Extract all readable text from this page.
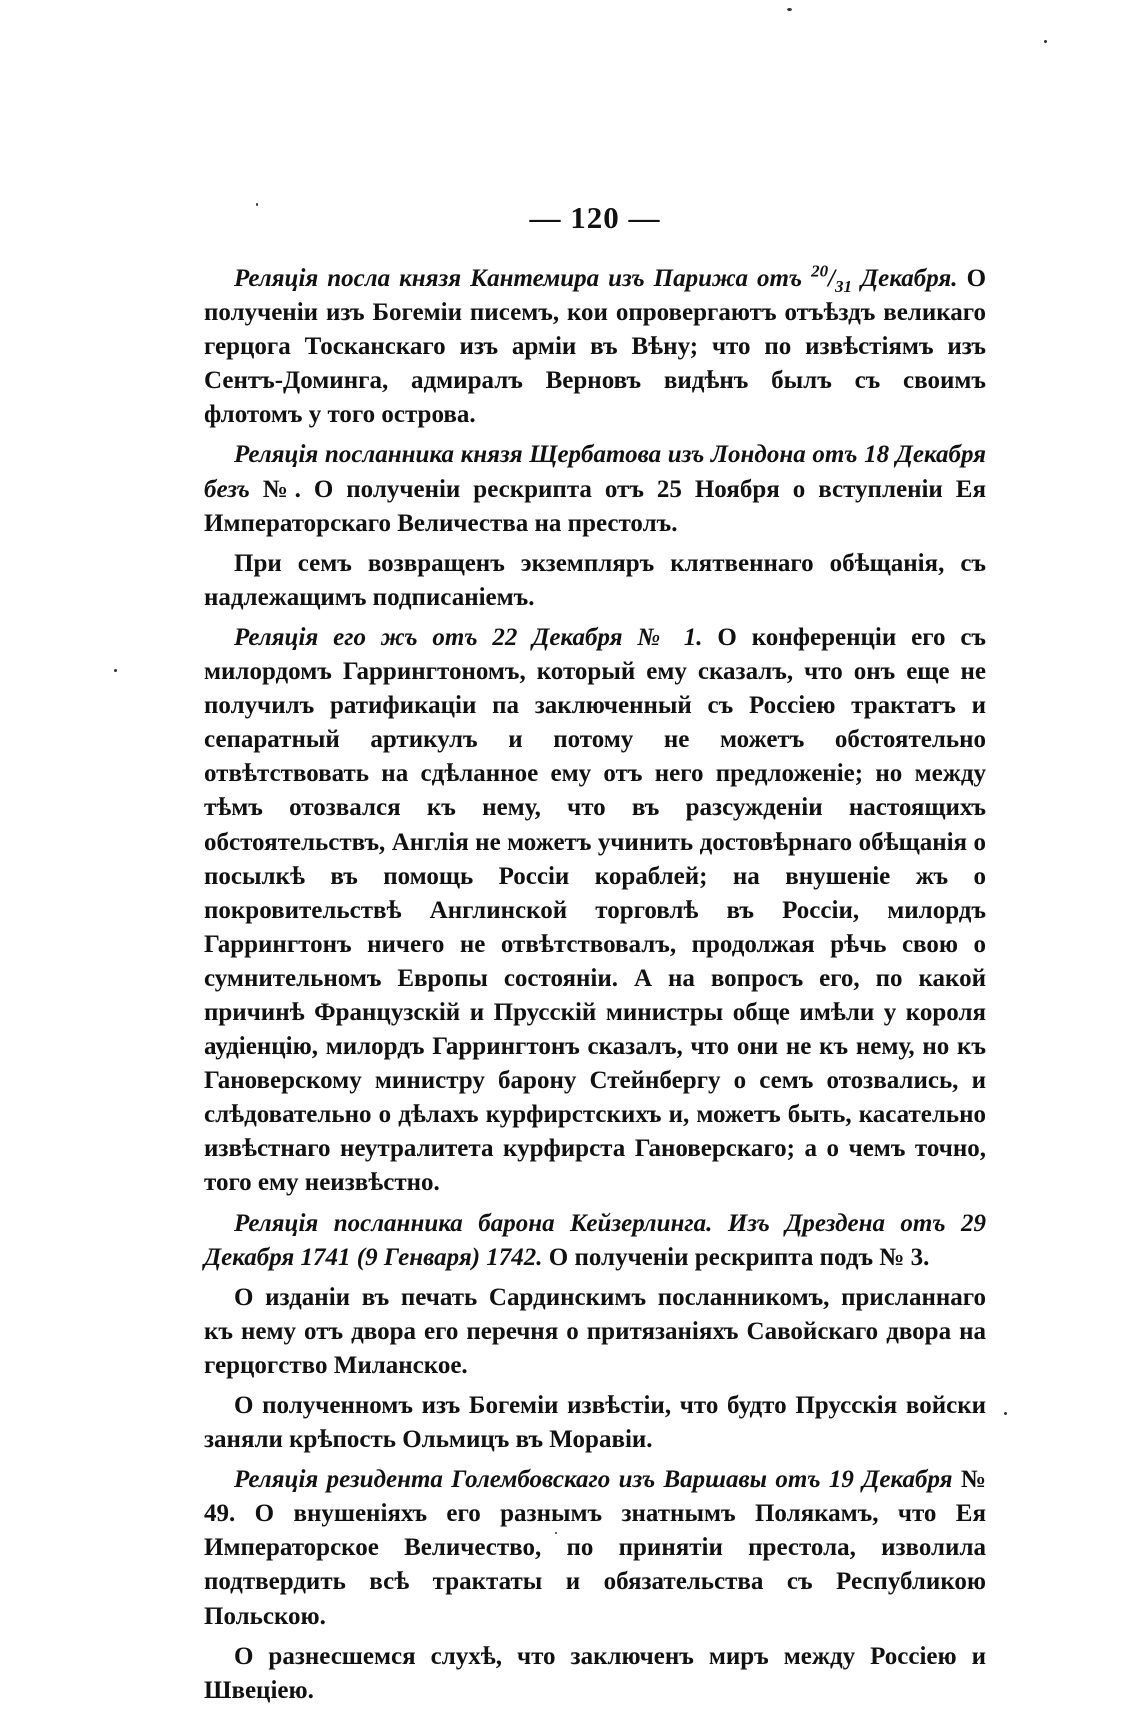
— 120 —

Реляція посла князя Кантемира изъ Парижа отъ $^{20}/_{31}$ Декабря. О полученіи изъ Богеміи писемъ, кои опровергаютъ отъѣздъ великаго герцога Тосканскаго изъ арміи въ Вѣну; что по извѣстіямъ изъ Сентъ-Доминга, адмиралъ Верновъ видѣнъ былъ съ своимъ флотомъ у того острова.

Реляція посланника князя Щербатова изъ Лондона отъ 18 Декабря безъ №. О полученіи рескрипта отъ 25 Ноября о вступленіи Ея Императорскаго Величества на престолъ.

При семъ возвращенъ экземпляръ клятвеннаго обѣщанія, съ надлежащимъ подписаніемъ.

Реляція его жъ отъ 22 Декабря № 1. О конференціи его съ милордомъ Гаррингтономъ, который ему сказалъ, что онъ еще не получилъ ратификаціи па заключенный съ Россіею трактатъ и сепаратный артикулъ и потому не можетъ обстоятельно отвѣтствовать на сдѣланное ему отъ него предложеніе; но между тѣмъ отозвался къ нему, что въ разсужденіи настоящихъ обстоятельствъ, Англія не можетъ учинить достовѣрнаго обѣщанія о посылкѣ въ помощь Россіи кораблей; на внушеніе жъ о покровительствѣ Англинской торговлѣ въ Россіи, милордъ Гаррингтонъ ничего не отвѣтствовалъ, продолжая рѣчь свою о сумнительномъ Европы состояніи. А на вопросъ его, по какой причинѣ Французскій и Прусскій министры обще имѣли у короля аудіенцію, милордъ Гаррингтонъ сказалъ, что они не къ нему, но къ Гановерскому министру барону Стейнбергу о семъ отозвались, и слѣдовательно о дѣлахъ курфирстскихъ и, можетъ быть, касательно извѣстнаго неутралитета курфирста Гановерскаго; а о чемъ точно, того ему неизвѣстно.

Реляція посланника барона Кейзерлинга. Изъ Дрездена отъ 29 Декабря 1741 (9 Генваря) 1742. О полученіи рескрипта подъ № 3.

О изданіи въ печать Сардинскимъ посланникомъ, присланнаго къ нему отъ двора его перечня о притязаніяхъ Савойскаго двора на герцогство Миланское.

О полученномъ изъ Богеміи извѣстіи, что будто Прусскія войски заняли крѣпость Ольмицъ въ Моравіи.

Реляція резидента Голембовскаго изъ Варшавы отъ 19 Декабря № 49. О внушеніяхъ его разнымъ знатнымъ Полякамъ, что Ея Императорское Величество, по принятіи престола, изволила подтвердить всѣ трактаты и обязательства съ Республикою Польскою.

О разнесшемся слухѣ, что заключенъ миръ между Россіею и Швеціею.
